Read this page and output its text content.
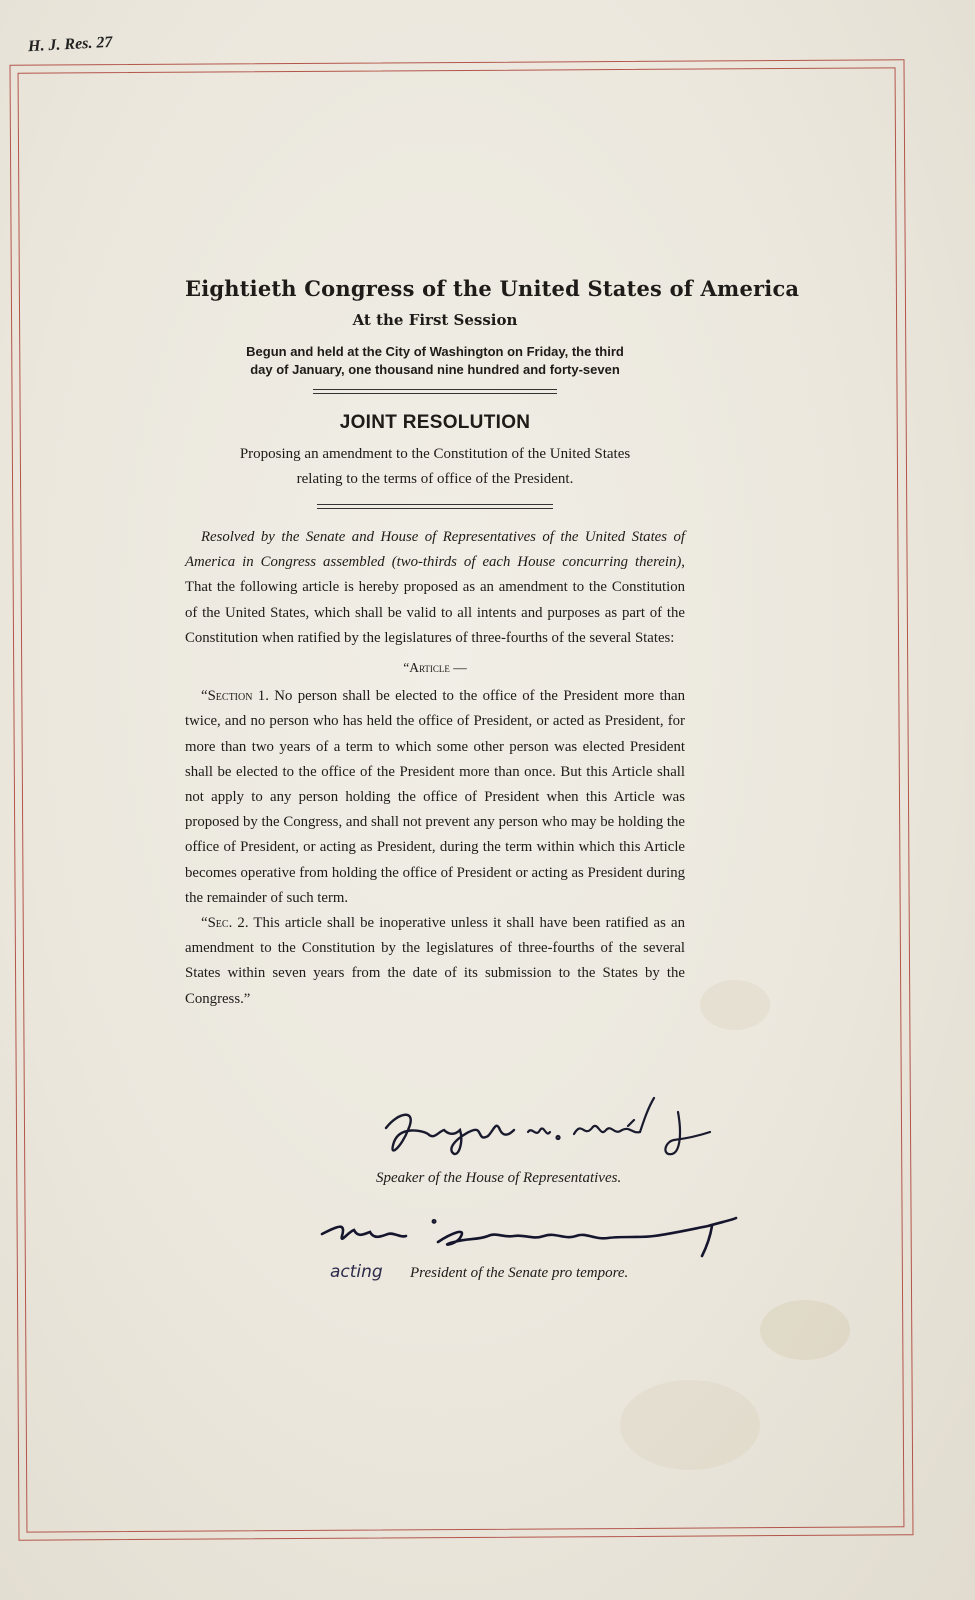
H. J. Res. 27
Eightieth Congress of the United States of America
At the First Session
Begun and held at the City of Washington on Friday, the third
day of January, one thousand nine hundred and forty-seven
JOINT RESOLUTION
Proposing an amendment to the Constitution of the United States
relating to the terms of office of the President.

Resolved by the Senate and House of Representatives of the United States of America in Congress assembled (two-thirds of each House concurring therein), That the following article is hereby proposed as an amendment to the Constitution of the United States, which shall be valid to all intents and purposes as part of the Constitution when ratified by the legislatures of three-fourths of the several States:

“Article —

“Section 1. No person shall be elected to the office of the President more than twice, and no person who has held the office of President, or acted as President, for more than two years of a term to which some other person was elected President shall be elected to the office of the President more than once. But this Article shall not apply to any person holding the office of President when this Article was proposed by the Congress, and shall not prevent any person who may be holding the office of President, or acting as President, during the term within which this Article becomes operative from holding the office of President or acting as President during the remainder of such term.

“Sec. 2. This article shall be inoperative unless it shall have been ratified as an amendment to the Constitution by the legislatures of three-fourths of the several States within seven years from the date of its submission to the States by the Congress.”

Speaker of the House of Representatives.
acting President of the Senate pro tempore.
